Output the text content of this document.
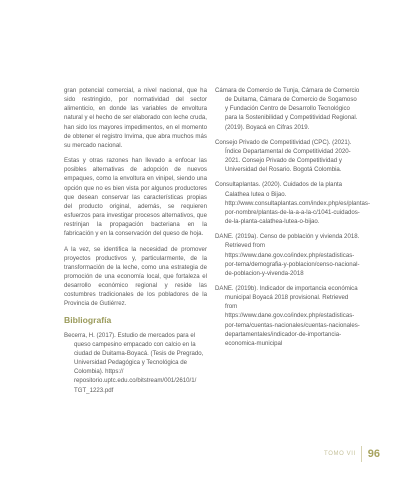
gran potencial comercial, a nivel nacional, que ha sido restringido, por normatividad del sector alimenticio, en donde las variables de envoltura natural y el hecho de ser elaborado con leche cruda, han sido los mayores impedimentos, en el momento de obtener el registro Invima, que abra muchos más su mercado nacional.

Estas y otras razones han llevado a enfocar las posibles alternativas de adopción de nuevos empaques, como la envoltura en vinipel, siendo una opción que no es bien vista por algunos productores que desean conservar las características propias del producto original, además, se requieren esfuerzos para investigar procesos alternativos, que restrinjan la propagación bacteriana en la fabricación y en la conservación del queso de hoja.

A la vez, se identifica la necesidad de promover proyectos productivos y, particularmente, de la transformación de la leche, como una estrategia de promoción de una economía local, que fortaleza el desarrollo económico regional y reside las costumbres tradicionales de los pobladores de la Provincia de Gutiérrez.

Bibliografía

Becerra, H. (2017). Estudio de mercados para el queso campesino empacado con calcio en la ciudad de Duitama-Boyacá. (Tesis de Pregrado, Universidad Pedagógica y Tecnológica de Colombia). https:// repositorio.uptc.edu.co/bitstream/001/2610/1/ TGT_1223.pdf

Cámara de Comercio de Tunja, Cámara de Comercio de Duitama, Cámara de Comercio de Sogamoso y Fundación Centro de Desarrollo Tecnológico para la Sostenibilidad y Competitividad Regional. (2019). Boyacá en Cifras 2019.

Consejo Privado de Competitividad (CPC). (2021). Índice Departamental de Competitividad 2020-2021. Consejo Privado de Competitividad y Universidad del Rosario. Bogotá Colombia.

Consultaplantas. (2020). Cuidados de la planta Calathea lutea o Bijao. http://www.consultaplantas.com/index.php/es/plantas-por-nombre/plantas-de-la-a-a-la-c/1041-cuidados-de-la-planta-calathea-lutea-o-bijao.

DANE. (2019a). Censo de población y vivienda 2018. Retrieved from https://www.dane.gov.co/index.php/estadisticas-por-tema/demografia-y-poblacion/censo-nacional-de-poblacion-y-vivenda-2018

DANE. (2019b). Indicador de importancia económica municipal Boyacá 2018 provisional. Retrieved from https://www.dane.gov.co/index.php/estadisticas-por-tema/cuentas-nacionales/cuentas-nacionales-departamentales/indicador-de-importancia-economica-municipal

TOMO VII 96
